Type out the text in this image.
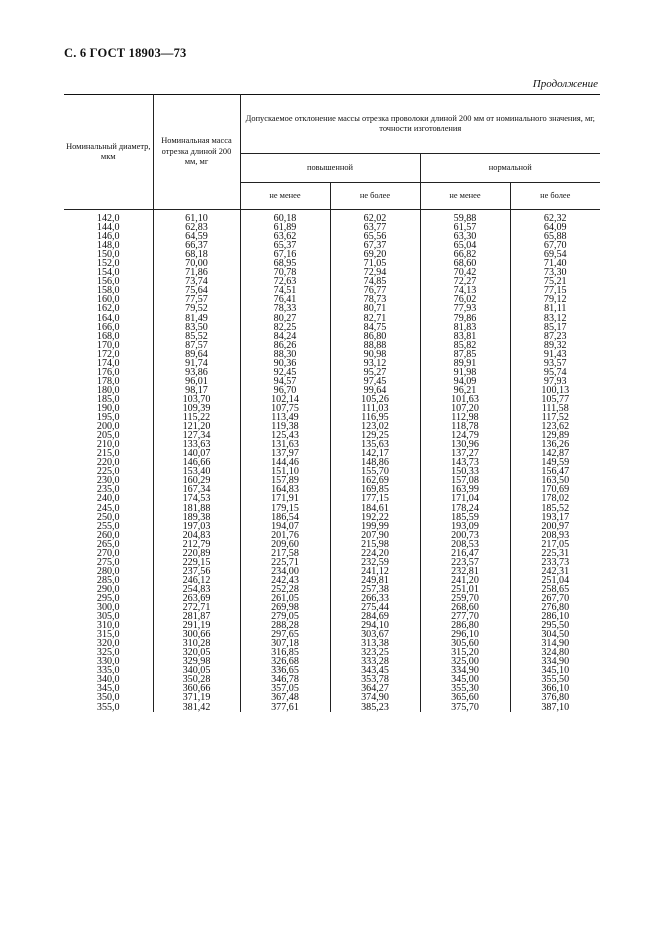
С. 6 ГОСТ 18903—73
Продолжение
Номинальный диаметр, мкм	Номинальная масса отрезка длиной 200 мм, мг	Допускаемое отклонение массы отрезка проволоки длиной 200 мм от номинального значения, мг, точности изготовления			
		повышенной		нормальной	
		не менее	не более	не менее	не более

142,0	61,10	60,18	62,02	59,88	62,32
144,0	62,83	61,89	63,77	61,57	64,09
146,0	64,59	63,62	65,56	63,30	65,88
148,0	66,37	65,37	67,37	65,04	67,70
150,0	68,18	67,16	69,20	66,82	69,54
152,0	70,00	68,95	71,05	68,60	71,40
154,0	71,86	70,78	72,94	70,42	73,30
156,0	73,74	72,63	74,85	72,27	75,21
158,0	75,64	74,51	76,77	74,13	77,15
160,0	77,57	76,41	78,73	76,02	79,12
162,0	79,52	78,33	80,71	77,93	81,11
164,0	81,49	80,27	82,71	79,86	83,12
166,0	83,50	82,25	84,75	81,83	85,17
168,0	85,52	84,24	86,80	83,81	87,23
170,0	87,57	86,26	88,88	85,82	89,32
172,0	89,64	88,30	90,98	87,85	91,43
174,0	91,74	90,36	93,12	89,91	93,57
176,0	93,86	92,45	95,27	91,98	95,74
178,0	96,01	94,57	97,45	94,09	97,93
180,0	98,17	96,70	99,64	96,21	100,13
185,0	103,70	102,14	105,26	101,63	105,77
190,0	109,39	107,75	111,03	107,20	111,58
195,0	115,22	113,49	116,95	112,98	117,52
200,0	121,20	119,38	123,02	118,78	123,62
205,0	127,34	125,43	129,25	124,79	129,89
210,0	133,63	131,63	135,63	130,96	136,26
215,0	140,07	137,97	142,17	137,27	142,87
220,0	146,66	144,46	148,86	143,73	149,59
225,0	153,40	151,10	155,70	150,33	156,47
230,0	160,29	157,89	162,69	157,08	163,50
235,0	167,34	164,83	169,85	163,99	170,69
240,0	174,53	171,91	177,15	171,04	178,02
245,0	181,88	179,15	184,61	178,24	185,52
250,0	189,38	186,54	192,22	185,59	193,17
255,0	197,03	194,07	199,99	193,09	200,97
260,0	204,83	201,76	207,90	200,73	208,93
265,0	212,79	209,60	215,98	208,53	217,05
270,0	220,89	217,58	224,20	216,47	225,31
275,0	229,15	225,71	232,59	223,57	233,73
280,0	237,56	234,00	241,12	232,81	242,31
285,0	246,12	242,43	249,81	241,20	251,04
290,0	254,83	252,28	257,38	251,01	258,65
295,0	263,69	261,05	266,33	259,70	267,70
300,0	272,71	269,98	275,44	268,60	276,80
305,0	281,87	279,05	284,69	277,70	286,10
310,0	291,19	288,28	294,10	286,80	295,50
315,0	300,66	297,65	303,67	296,10	304,50
320,0	310,28	307,18	313,38	305,60	314,90
325,0	320,05	316,85	323,25	315,20	324,80
330,0	329,98	326,68	333,28	325,00	334,90
335,0	340,05	336,65	343,45	334,90	345,10
340,0	350,28	346,78	353,78	345,00	355,50
345,0	360,66	357,05	364,27	355,30	366,10
350,0	371,19	367,48	374,90	365,60	376,80
355,0	381,42	377,61	385,23	375,70	387,10
